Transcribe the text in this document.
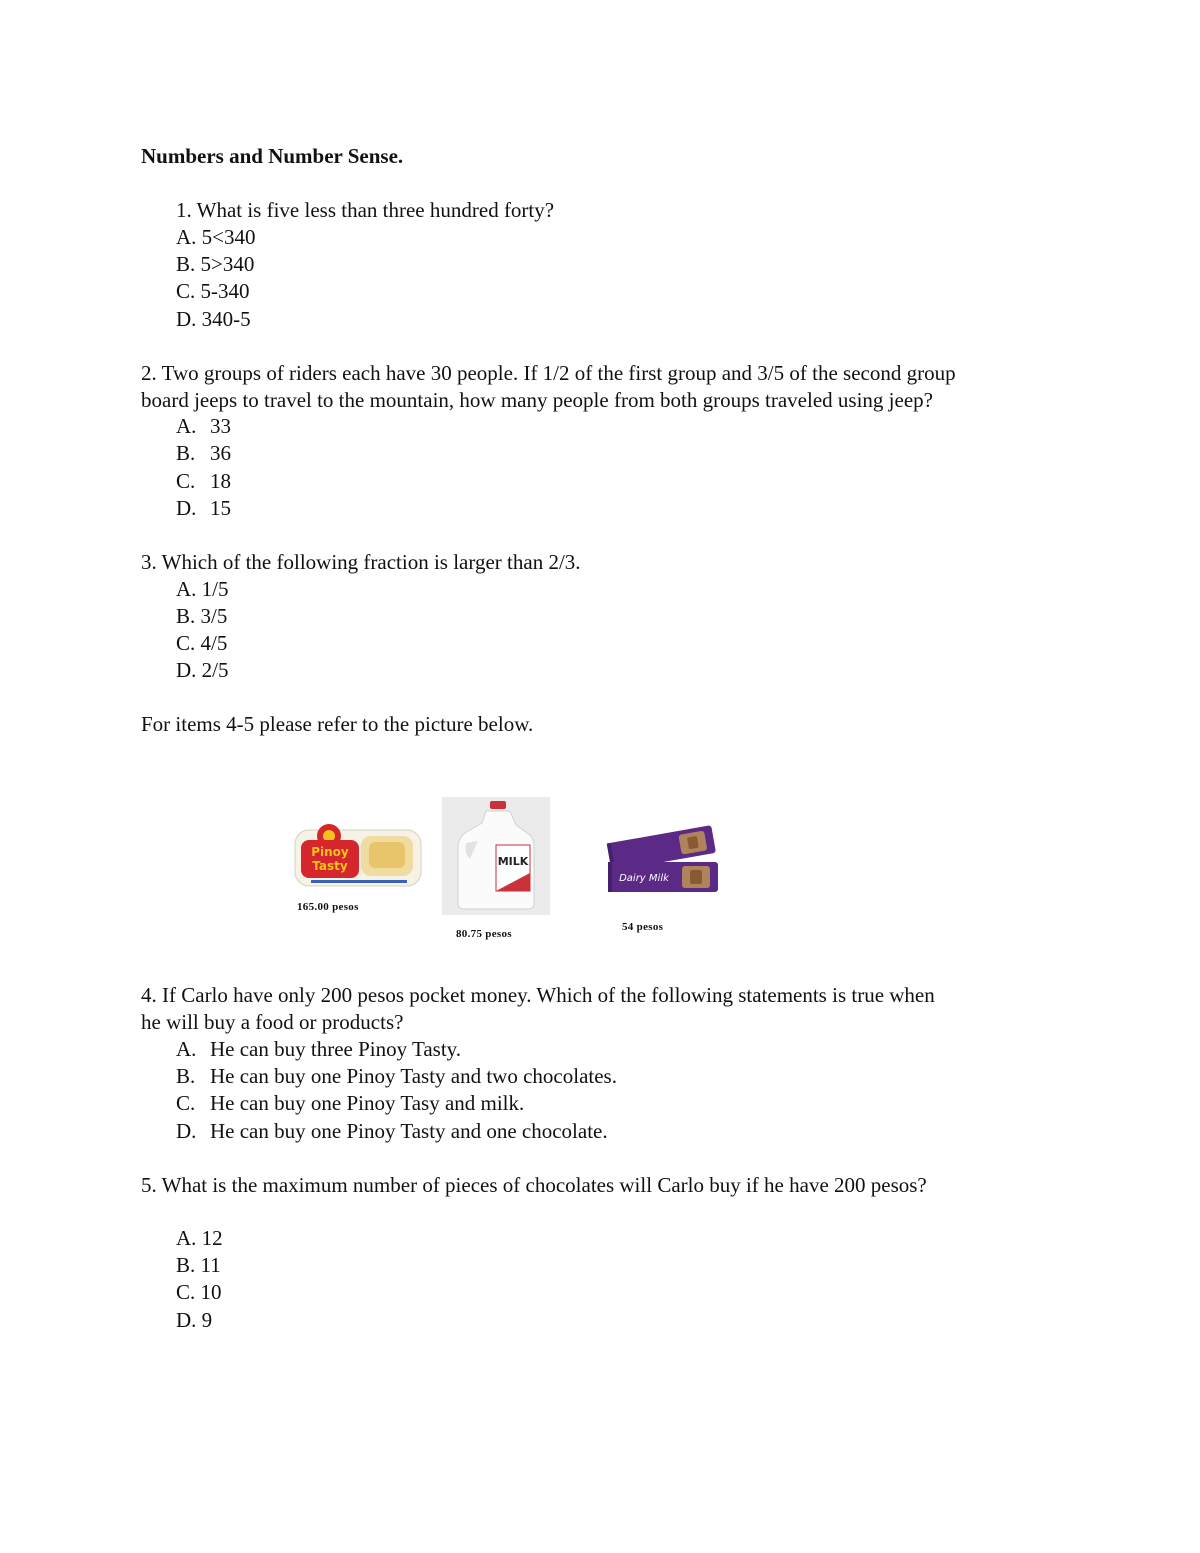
Numbers and Number Sense.
1. What is five less than three hundred forty?
A. 5<340
B. 5>340
C. 5-340
D. 340-5
2. Two groups of riders each have 30 people. If 1/2 of the first group and 3/5 of the second group
board jeeps to travel to the mountain, how many people from both groups traveled using jeep?
A. 33
B. 36
C. 18
D. 15
3. Which of the following fraction is larger than 2/3.
A. 1/5
B. 3/5
C. 4/5
D. 2/5
For items 4-5 please refer to the picture below.
Pinoy
Tasty
165.00 pesos
MILK
80.75 pesos
Dairy Milk
54 pesos
4. If Carlo have only 200 pesos pocket money. Which of the following statements is true when
he will buy a food or products?
A. He can buy three Pinoy Tasty.
B. He can buy one Pinoy Tasty and two chocolates.
C. He can buy one Pinoy Tasy and milk.
D. He can buy one Pinoy Tasty and one chocolate.
5. What is the maximum number of pieces of chocolates will Carlo buy if he have 200 pesos?
A. 12
B. 11
C. 10
D. 9
